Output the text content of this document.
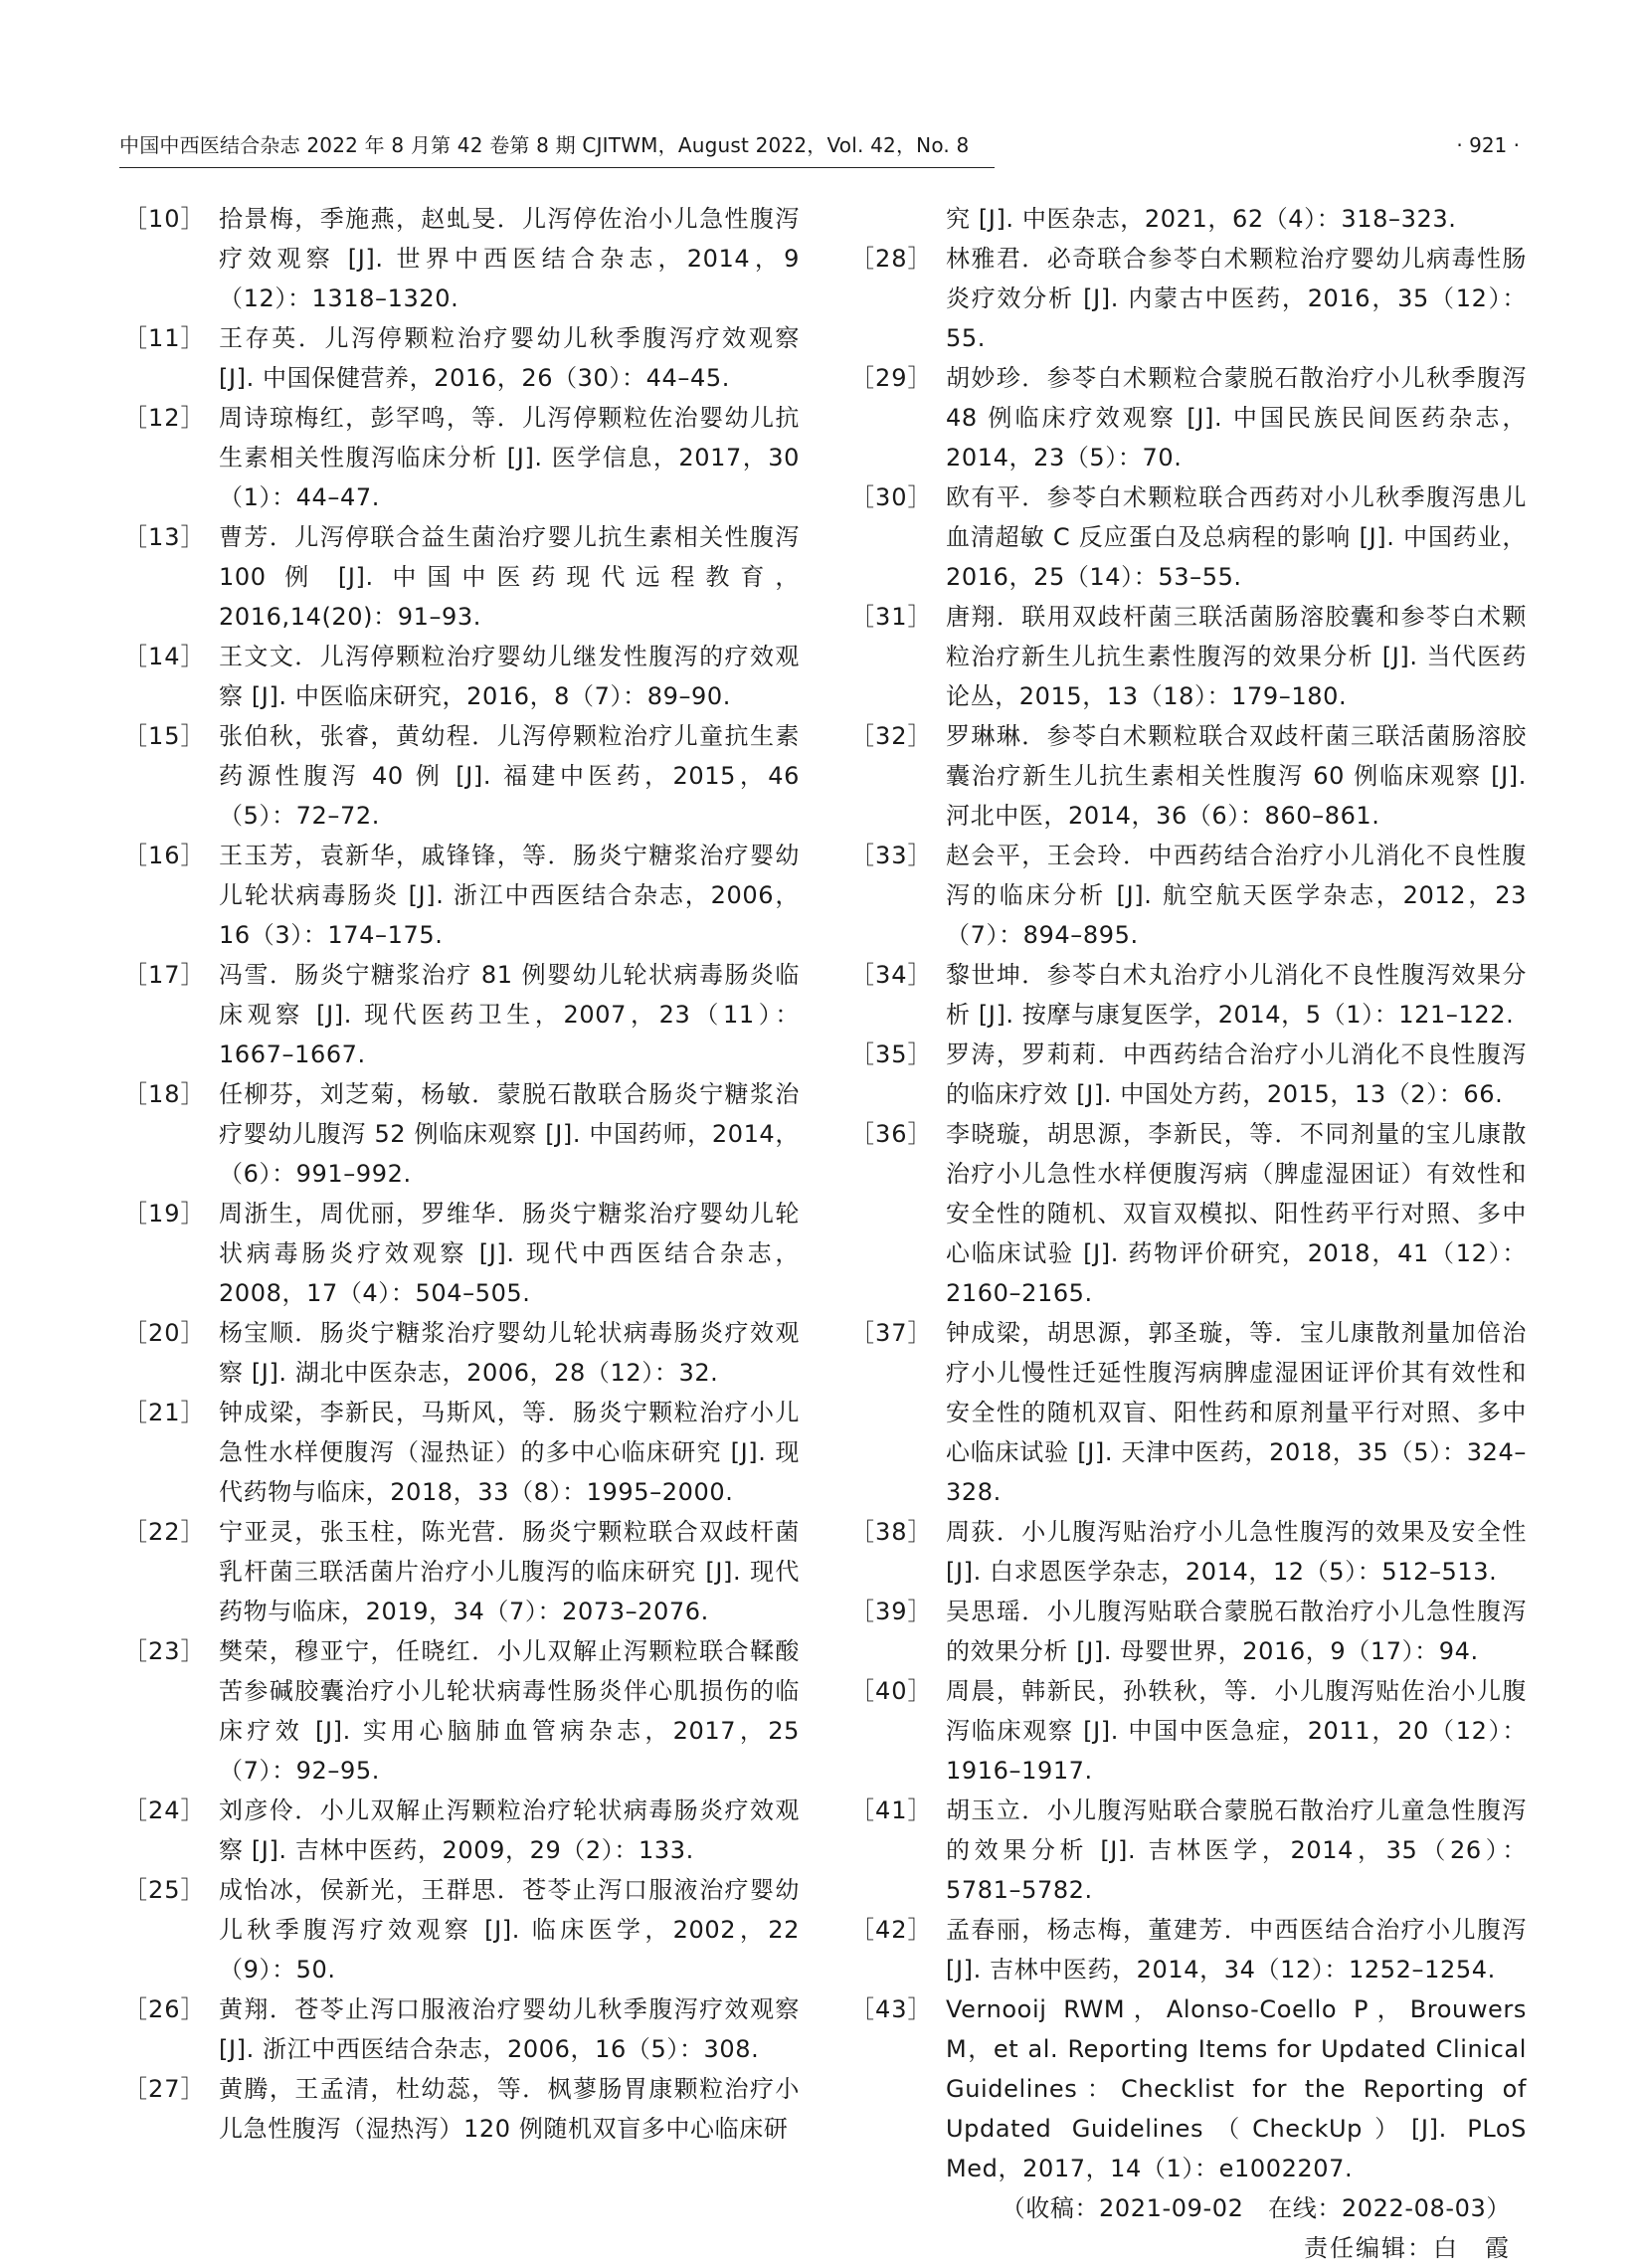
中国中西医结合杂志 2022 年 8 月第 42 卷第 8 期 CJITWM，August 2022，Vol. 42，No. 8	· 921 ·
［10］ 拾景梅，季施燕，赵虬旻．儿泻停佐治小儿急性腹泻疗效观察 [J]. 世界中西医结合杂志，2014，9（12）：1318–1320.
［11］ 王存英．儿泻停颗粒治疗婴幼儿秋季腹泻疗效观察 [J]. 中国保健营养，2016，26（30）：44–45.
［12］ 周诗琼梅红，彭罕鸣，等．儿泻停颗粒佐治婴幼儿抗生素相关性腹泻临床分析 [J]. 医学信息，2017，30（1）：44–47.
［13］ 曹芳．儿泻停联合益生菌治疗婴儿抗生素相关性腹泻 100 例 [J]. 中国中医药现代远程教育，2016,14(20)：91–93.
［14］ 王文文．儿泻停颗粒治疗婴幼儿继发性腹泻的疗效观察 [J]. 中医临床研究，2016，8（7）：89–90.
［15］ 张伯秋，张睿，黄幼程．儿泻停颗粒治疗儿童抗生素药源性腹泻 40 例 [J]. 福建中医药，2015，46（5）：72–72.
［16］ 王玉芳，袁新华，戚锋锋，等．肠炎宁糖浆治疗婴幼儿轮状病毒肠炎 [J]. 浙江中西医结合杂志，2006，16（3）：174–175.
［17］ 冯雪．肠炎宁糖浆治疗 81 例婴幼儿轮状病毒肠炎临床观察 [J]. 现代医药卫生，2007，23（11）：1667–1667.
［18］ 任柳芬，刘芝菊，杨敏．蒙脱石散联合肠炎宁糖浆治疗婴幼儿腹泻 52 例临床观察 [J]. 中国药师，2014，（6）：991–992.
［19］ 周浙生，周优丽，罗维华．肠炎宁糖浆治疗婴幼儿轮状病毒肠炎疗效观察 [J]. 现代中西医结合杂志，2008，17（4）：504–505.
［20］ 杨宝顺．肠炎宁糖浆治疗婴幼儿轮状病毒肠炎疗效观察 [J]. 湖北中医杂志，2006，28（12）：32.
［21］ 钟成梁，李新民，马斯风，等．肠炎宁颗粒治疗小儿急性水样便腹泻（湿热证）的多中心临床研究 [J]. 现代药物与临床，2018，33（8）：1995–2000.
［22］ 宁亚灵，张玉柱，陈光营．肠炎宁颗粒联合双歧杆菌乳杆菌三联活菌片治疗小儿腹泻的临床研究 [J]. 现代药物与临床，2019，34（7）：2073–2076.
［23］ 樊荣，穆亚宁，任晓红．小儿双解止泻颗粒联合鞣酸苦参碱胶囊治疗小儿轮状病毒性肠炎伴心肌损伤的临床疗效 [J]. 实用心脑肺血管病杂志，2017，25（7）：92–95.
［24］ 刘彦伶．小儿双解止泻颗粒治疗轮状病毒肠炎疗效观察 [J]. 吉林中医药，2009，29（2）：133.
［25］ 成怡冰，侯新光，王群思．苍苓止泻口服液治疗婴幼儿秋季腹泻疗效观察 [J]. 临床医学，2002，22（9）：50.
［26］ 黄翔．苍苓止泻口服液治疗婴幼儿秋季腹泻疗效观察 [J]. 浙江中西医结合杂志，2006，16（5）：308.
［27］ 黄腾，王孟清，杜幼蕊，等．枫蓼肠胃康颗粒治疗小儿急性腹泻（湿热泻）120 例随机双盲多中心临床研
究 [J]. 中医杂志，2021，62（4）：318–323.
［28］ 林雅君．必奇联合参苓白术颗粒治疗婴幼儿病毒性肠炎疗效分析 [J]. 内蒙古中医药，2016，35（12）：55.
［29］ 胡妙珍．参苓白术颗粒合蒙脱石散治疗小儿秋季腹泻 48 例临床疗效观察 [J]. 中国民族民间医药杂志，2014，23（5）：70.
［30］ 欧有平．参苓白术颗粒联合西药对小儿秋季腹泻患儿血清超敏 C 反应蛋白及总病程的影响 [J]. 中国药业，2016，25（14）：53–55.
［31］ 唐翔．联用双歧杆菌三联活菌肠溶胶囊和参苓白术颗粒治疗新生儿抗生素性腹泻的效果分析 [J]. 当代医药论丛，2015，13（18）：179–180.
［32］ 罗琳琳．参苓白术颗粒联合双歧杆菌三联活菌肠溶胶囊治疗新生儿抗生素相关性腹泻 60 例临床观察 [J]. 河北中医，2014，36（6）：860–861.
［33］ 赵会平，王会玲．中西药结合治疗小儿消化不良性腹泻的临床分析 [J]. 航空航天医学杂志，2012，23（7）：894–895.
［34］ 黎世坤．参苓白术丸治疗小儿消化不良性腹泻效果分析 [J]. 按摩与康复医学，2014，5（1）：121–122.
［35］ 罗涛，罗莉莉．中西药结合治疗小儿消化不良性腹泻的临床疗效 [J]. 中国处方药，2015，13（2）：66.
［36］ 李晓璇，胡思源，李新民，等．不同剂量的宝儿康散治疗小儿急性水样便腹泻病（脾虚湿困证）有效性和安全性的随机、双盲双模拟、阳性药平行对照、多中心临床试验 [J]. 药物评价研究，2018，41（12）：2160–2165.
［37］ 钟成梁，胡思源，郭圣璇，等．宝儿康散剂量加倍治疗小儿慢性迁延性腹泻病脾虚湿困证评价其有效性和安全性的随机双盲、阳性药和原剂量平行对照、多中心临床试验 [J]. 天津中医药，2018，35（5）：324–328.
［38］ 周荻．小儿腹泻贴治疗小儿急性腹泻的效果及安全性 [J]. 白求恩医学杂志，2014，12（5）：512–513.
［39］ 吴思瑶．小儿腹泻贴联合蒙脱石散治疗小儿急性腹泻的效果分析 [J]. 母婴世界，2016，9（17）：94.
［40］ 周晨，韩新民，孙轶秋，等．小儿腹泻贴佐治小儿腹泻临床观察 [J]. 中国中医急症，2011，20（12）：1916–1917.
［41］ 胡玉立．小儿腹泻贴联合蒙脱石散治疗儿童急性腹泻的效果分析 [J]. 吉林医学，2014，35（26）：5781–5782.
［42］ 孟春丽，杨志梅，董建芳．中西医结合治疗小儿腹泻 [J]. 吉林中医药，2014，34（12）：1252–1254.
［43］ Vernooij RWM，Alonso-Coello P，Brouwers M，et al. Reporting Items for Updated Clinical Guidelines：Checklist for the Reporting of Updated Guidelines（CheckUp）[J]. PLoS Med，2017，14（1）：e1002207.
（收稿：2021-09-02　在线：2022-08-03）
责任编辑：白　霞
